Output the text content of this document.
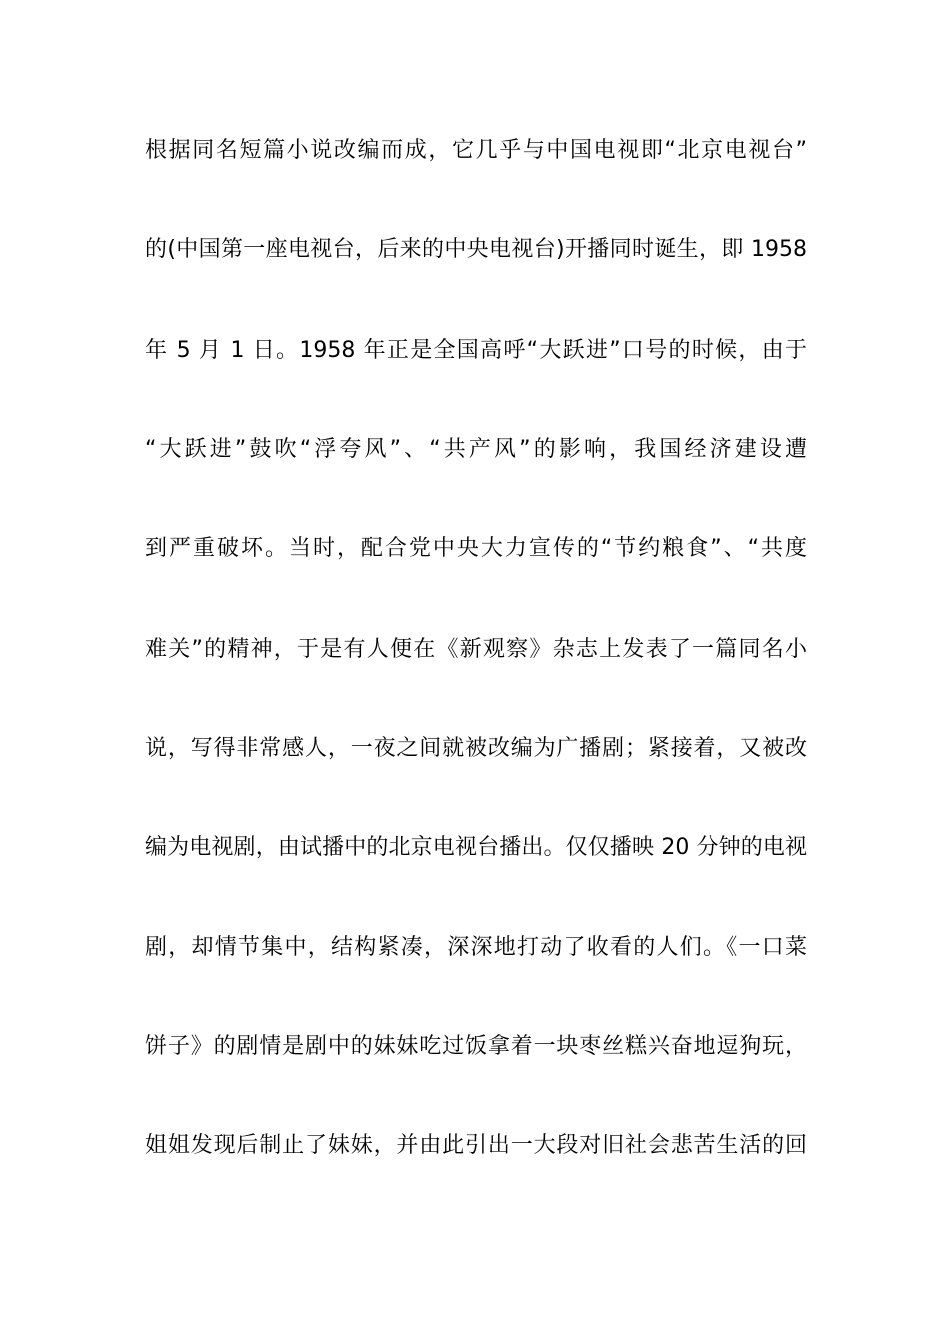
根据同名短篇小说改编而成，它几乎与中国电视即“北京电视台”
的(中国第一座电视台，后来的中央电视台)开播同时诞生，即 1958
年 5 月 1 日。1958 年正是全国高呼“大跃进”口号的时候，由于
“大跃进”鼓吹“浮夸风”、“共产风”的影响，我国经济建设遭
到严重破坏。当时，配合党中央大力宣传的“节约粮食”、“共度
难关”的精神，于是有人便在《新观察》杂志上发表了一篇同名小
说，写得非常感人，一夜之间就被改编为广播剧；紧接着，又被改
编为电视剧，由试播中的北京电视台播出。仅仅播映 20 分钟的电视
剧，却情节集中，结构紧凑，深深地打动了收看的人们。《一口菜
饼子》的剧情是剧中的妹妹吃过饭拿着一块枣丝糕兴奋地逗狗玩，
姐姐发现后制止了妹妹，并由此引出一大段对旧社会悲苦生活的回
